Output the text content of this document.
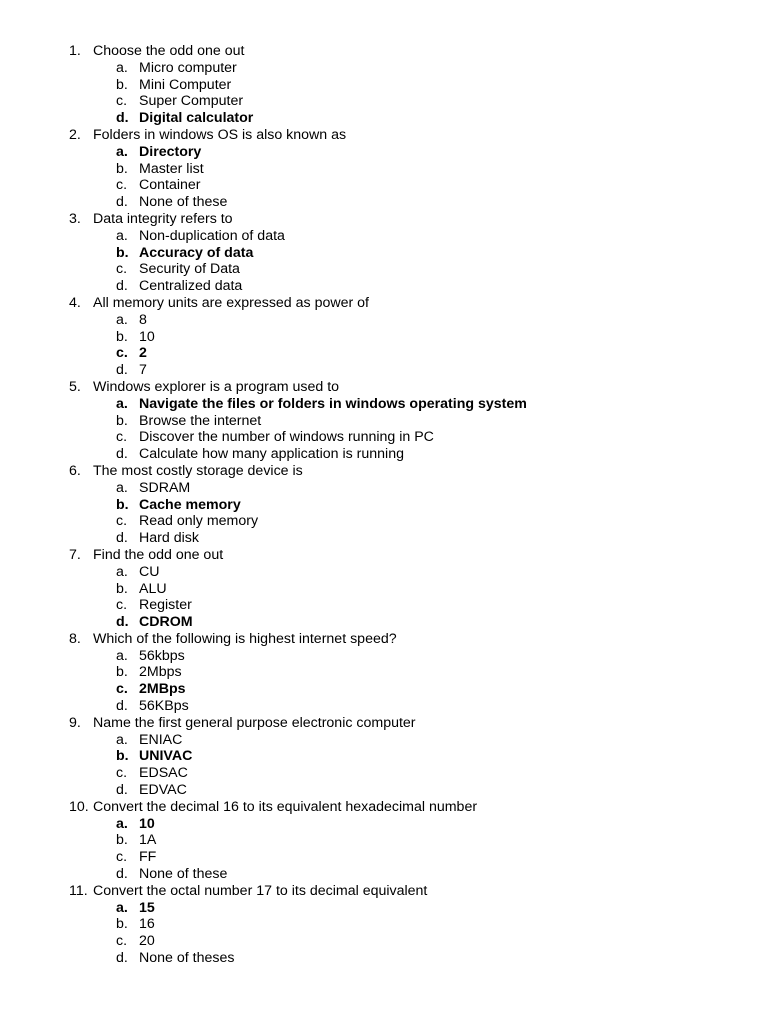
1. Choose the odd one out
a. Micro computer
b. Mini Computer
c. Super Computer
d. Digital calculator
2. Folders in windows OS is also known as
a. Directory
b. Master list
c. Container
d. None of these
3. Data integrity refers to
a. Non-duplication of data
b. Accuracy of data
c. Security of Data
d. Centralized data
4. All memory units are expressed as power of
a. 8
b. 10
c. 2
d. 7
5. Windows explorer is a program used to
a. Navigate the files or folders in windows operating system
b. Browse the internet
c. Discover the number of windows running in PC
d. Calculate how many application is running
6. The most costly storage device is
a. SDRAM
b. Cache memory
c. Read only memory
d. Hard disk
7. Find the odd one out
a. CU
b. ALU
c. Register
d. CDROM
8. Which of the following is highest internet speed?
a. 56kbps
b. 2Mbps
c. 2MBps
d. 56KBps
9. Name the first general purpose electronic computer
a. ENIAC
b. UNIVAC
c. EDSAC
d. EDVAC
10. Convert the decimal 16 to its equivalent hexadecimal number
a. 10
b. 1A
c. FF
d. None of these
11. Convert the octal number 17 to its decimal equivalent
a. 15
b. 16
c. 20
d. None of theses
